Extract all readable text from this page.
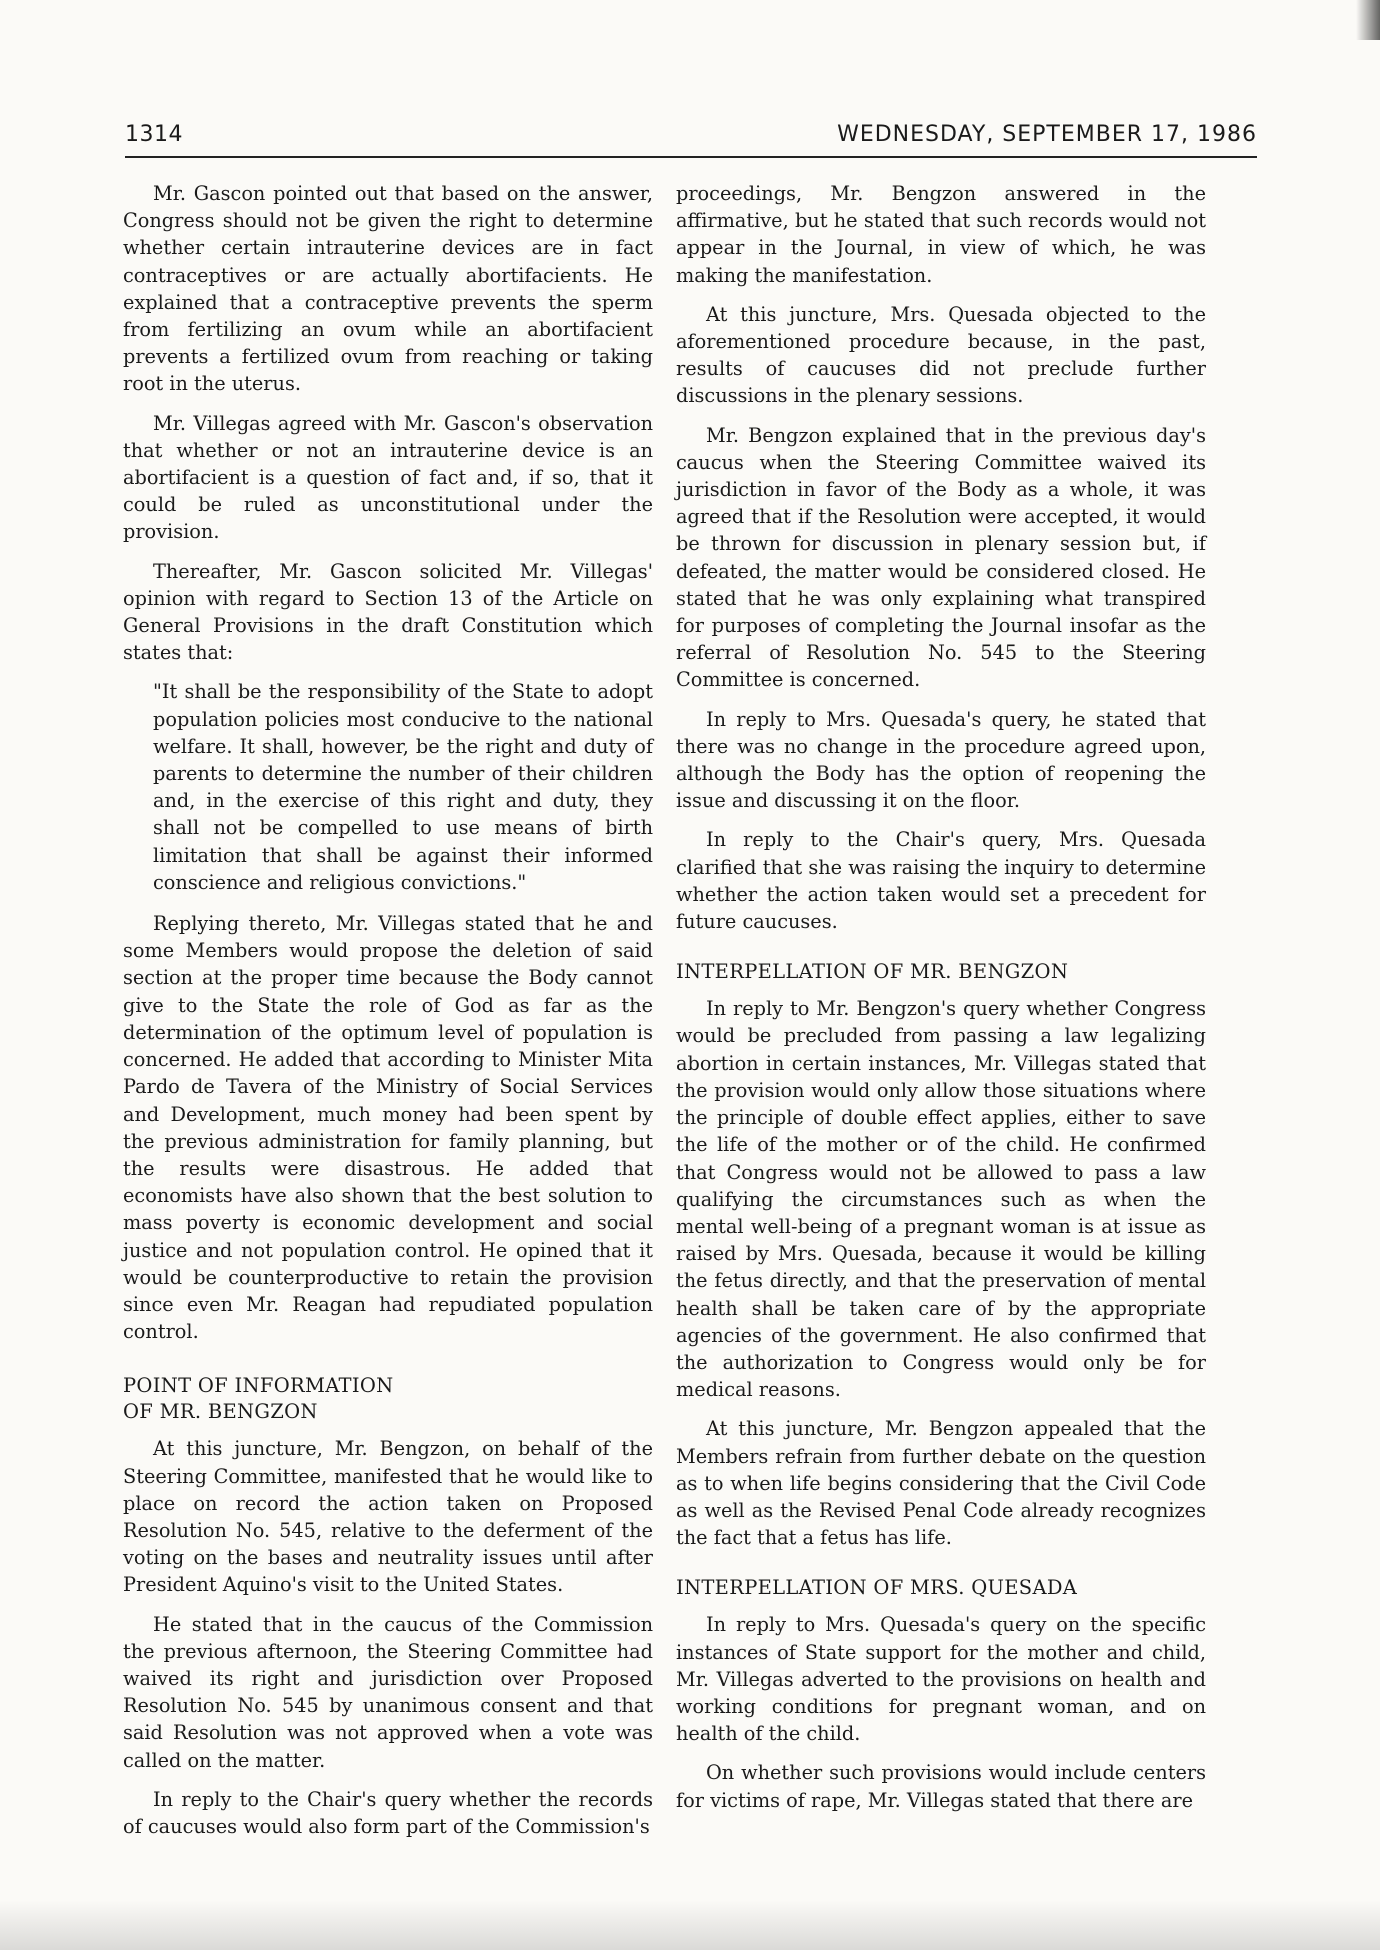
1314	WEDNESDAY, SEPTEMBER 17, 1986

Mr. Gascon pointed out that based on the answer, Congress should not be given the right to determine whether certain intrauterine devices are in fact contraceptives or are actually abortifacients. He explained that a contraceptive prevents the sperm from fertilizing an ovum while an abortifacient prevents a fertilized ovum from reaching or taking root in the uterus.

Mr. Villegas agreed with Mr. Gascon's observation that whether or not an intrauterine device is an abortifacient is a question of fact and, if so, that it could be ruled as unconstitutional under the provision.

Thereafter, Mr. Gascon solicited Mr. Villegas' opinion with regard to Section 13 of the Article on General Provisions in the draft Constitution which states that:

"It shall be the responsibility of the State to adopt population policies most conducive to the national welfare. It shall, however, be the right and duty of parents to determine the number of their children and, in the exercise of this right and duty, they shall not be compelled to use means of birth limitation that shall be against their informed conscience and religious convictions."

Replying thereto, Mr. Villegas stated that he and some Members would propose the deletion of said section at the proper time because the Body cannot give to the State the role of God as far as the determination of the optimum level of population is concerned. He added that according to Minister Mita Pardo de Tavera of the Ministry of Social Services and Development, much money had been spent by the previous administration for family planning, but the results were disastrous. He added that economists have also shown that the best solution to mass poverty is economic development and social justice and not population control. He opined that it would be counterproductive to retain the provision since even Mr. Reagan had repudiated population control.

POINT OF INFORMATION
OF MR. BENGZON

At this juncture, Mr. Bengzon, on behalf of the Steering Committee, manifested that he would like to place on record the action taken on Proposed Resolution No. 545, relative to the deferment of the voting on the bases and neutrality issues until after President Aquino's visit to the United States.

He stated that in the caucus of the Commission the previous afternoon, the Steering Committee had waived its right and jurisdiction over Proposed Resolution No. 545 by unanimous consent and that said Resolution was not approved when a vote was called on the matter.

In reply to the Chair's query whether the records of caucuses would also form part of the Commission's

proceedings, Mr. Bengzon answered in the affirmative, but he stated that such records would not appear in the Journal, in view of which, he was making the manifestation.

At this juncture, Mrs. Quesada objected to the aforementioned procedure because, in the past, results of caucuses did not preclude further discussions in the plenary sessions.

Mr. Bengzon explained that in the previous day's caucus when the Steering Committee waived its jurisdiction in favor of the Body as a whole, it was agreed that if the Resolution were accepted, it would be thrown for discussion in plenary session but, if defeated, the matter would be considered closed. He stated that he was only explaining what transpired for purposes of completing the Journal insofar as the referral of Resolution No. 545 to the Steering Committee is concerned.

In reply to Mrs. Quesada's query, he stated that there was no change in the procedure agreed upon, although the Body has the option of reopening the issue and discussing it on the floor.

In reply to the Chair's query, Mrs. Quesada clarified that she was raising the inquiry to determine whether the action taken would set a precedent for future caucuses.

INTERPELLATION OF MR. BENGZON

In reply to Mr. Bengzon's query whether Congress would be precluded from passing a law legalizing abortion in certain instances, Mr. Villegas stated that the provision would only allow those situations where the principle of double effect applies, either to save the life of the mother or of the child. He confirmed that Congress would not be allowed to pass a law qualifying the circumstances such as when the mental well-being of a pregnant woman is at issue as raised by Mrs. Quesada, because it would be killing the fetus directly, and that the preservation of mental health shall be taken care of by the appropriate agencies of the government. He also confirmed that the authorization to Congress would only be for medical reasons.

At this juncture, Mr. Bengzon appealed that the Members refrain from further debate on the question as to when life begins considering that the Civil Code as well as the Revised Penal Code already recognizes the fact that a fetus has life.

INTERPELLATION OF MRS. QUESADA

In reply to Mrs. Quesada's query on the specific instances of State support for the mother and child, Mr. Villegas adverted to the provisions on health and working conditions for pregnant woman, and on health of the child.

On whether such provisions would include centers for victims of rape, Mr. Villegas stated that there are
